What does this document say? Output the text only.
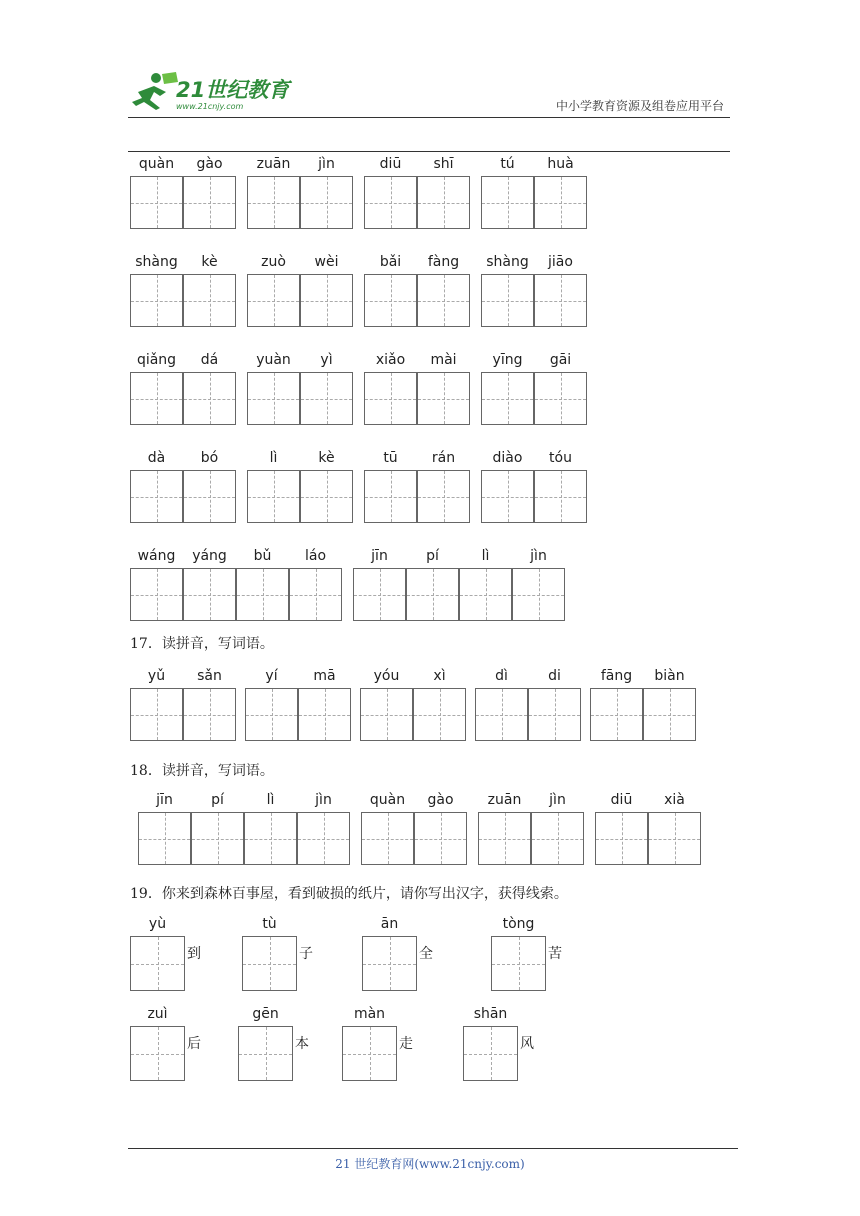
21世纪教育
www.21cnjy.com	中小学教育资源及组卷应用平台
quàn	gào	zuān	jìn	diū	shī	tú	huà
shàng	kè	zuò	wèi	bǎi	fàng	shàng	jiāo
qiǎng	dá	yuàn	yì	xiǎo	mài	yīng	gāi
dà	bó	lì	kè	tū	rán	diào	tóu
wáng	yáng	bǔ	láo	jīn	pí	lì	jìn
17．读拼音，写词语。
yǔ	sǎn	yí	mā	yóu	xì	dì	di	fāng	biàn
18．读拼音，写词语。
jīn	pí	lì	jìn	quàn	gào	zuān	jìn	diū	xià
19．你来到森林百事屋，看到破损的纸片，请你写出汉字，获得线索。
yù
到
tù
子
ān
全
tòng
苦
zuì
后
gēn
本
màn
走
shān
风
21 世纪教育网(www.21cnjy.com)
